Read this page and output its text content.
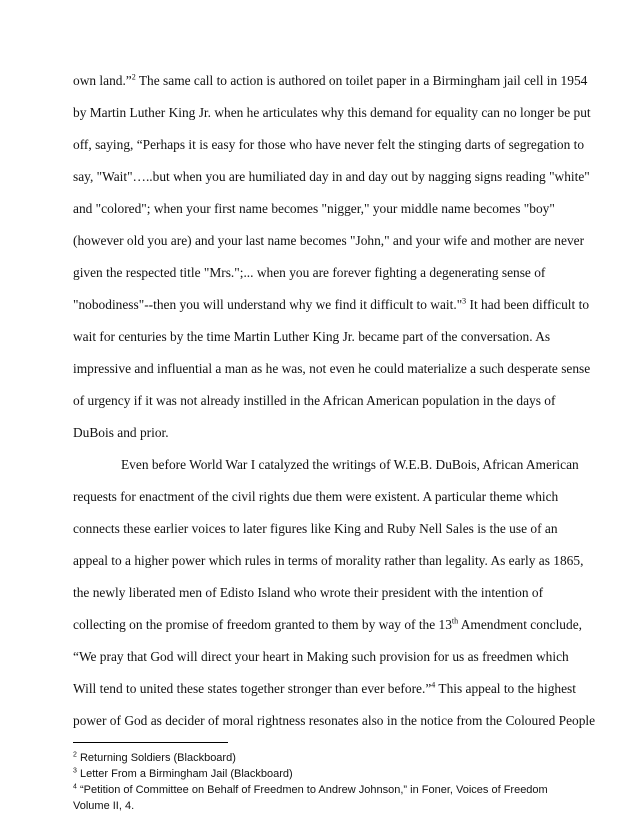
own land.”$^2$ The same call to action is authored on toilet paper in a Birmingham jail cell in 1954
by Martin Luther King Jr. when he articulates why this demand for equality can no longer be put
off, saying, “Perhaps it is easy for those who have never felt the stinging darts of segregation to
say, "Wait"…..but when you are humiliated day in and day out by nagging signs reading "white"
and "colored"; when your first name becomes "nigger," your middle name becomes "boy"
(however old you are) and your last name becomes "John," and your wife and mother are never
given the respected title "Mrs.";... when you are forever fighting a degenerating sense of
"nobodiness"--then you will understand why we find it difficult to wait."$^3$ It had been difficult to
wait for centuries by the time Martin Luther King Jr. became part of the conversation. As
impressive and influential a man as he was, not even he could materialize a such desperate sense
of urgency if it was not already instilled in the African American population in the days of
DuBois and prior.
Even before World War I catalyzed the writings of W.E.B. DuBois, African American
requests for enactment of the civil rights due them were existent. A particular theme which
connects these earlier voices to later figures like King and Ruby Nell Sales is the use of an
appeal to a higher power which rules in terms of morality rather than legality. As early as 1865,
the newly liberated men of Edisto Island who wrote their president with the intention of
collecting on the promise of freedom granted to them by way of the 13th Amendment conclude,
“We pray that God will direct your heart in Making such provision for us as freedmen which
Will tend to united these states together stronger than ever before.”$^4$ This appeal to the highest
power of God as decider of moral rightness resonates also in the notice from the Coloured People
$^2$ Returning Soldiers (Blackboard)
$^3$ Letter From a Birmingham Jail (Blackboard)
$^4$ “Petition of Committee on Behalf of Freedmen to Andrew Johnson,” in Foner, Voices of Freedom
Volume II, 4.
